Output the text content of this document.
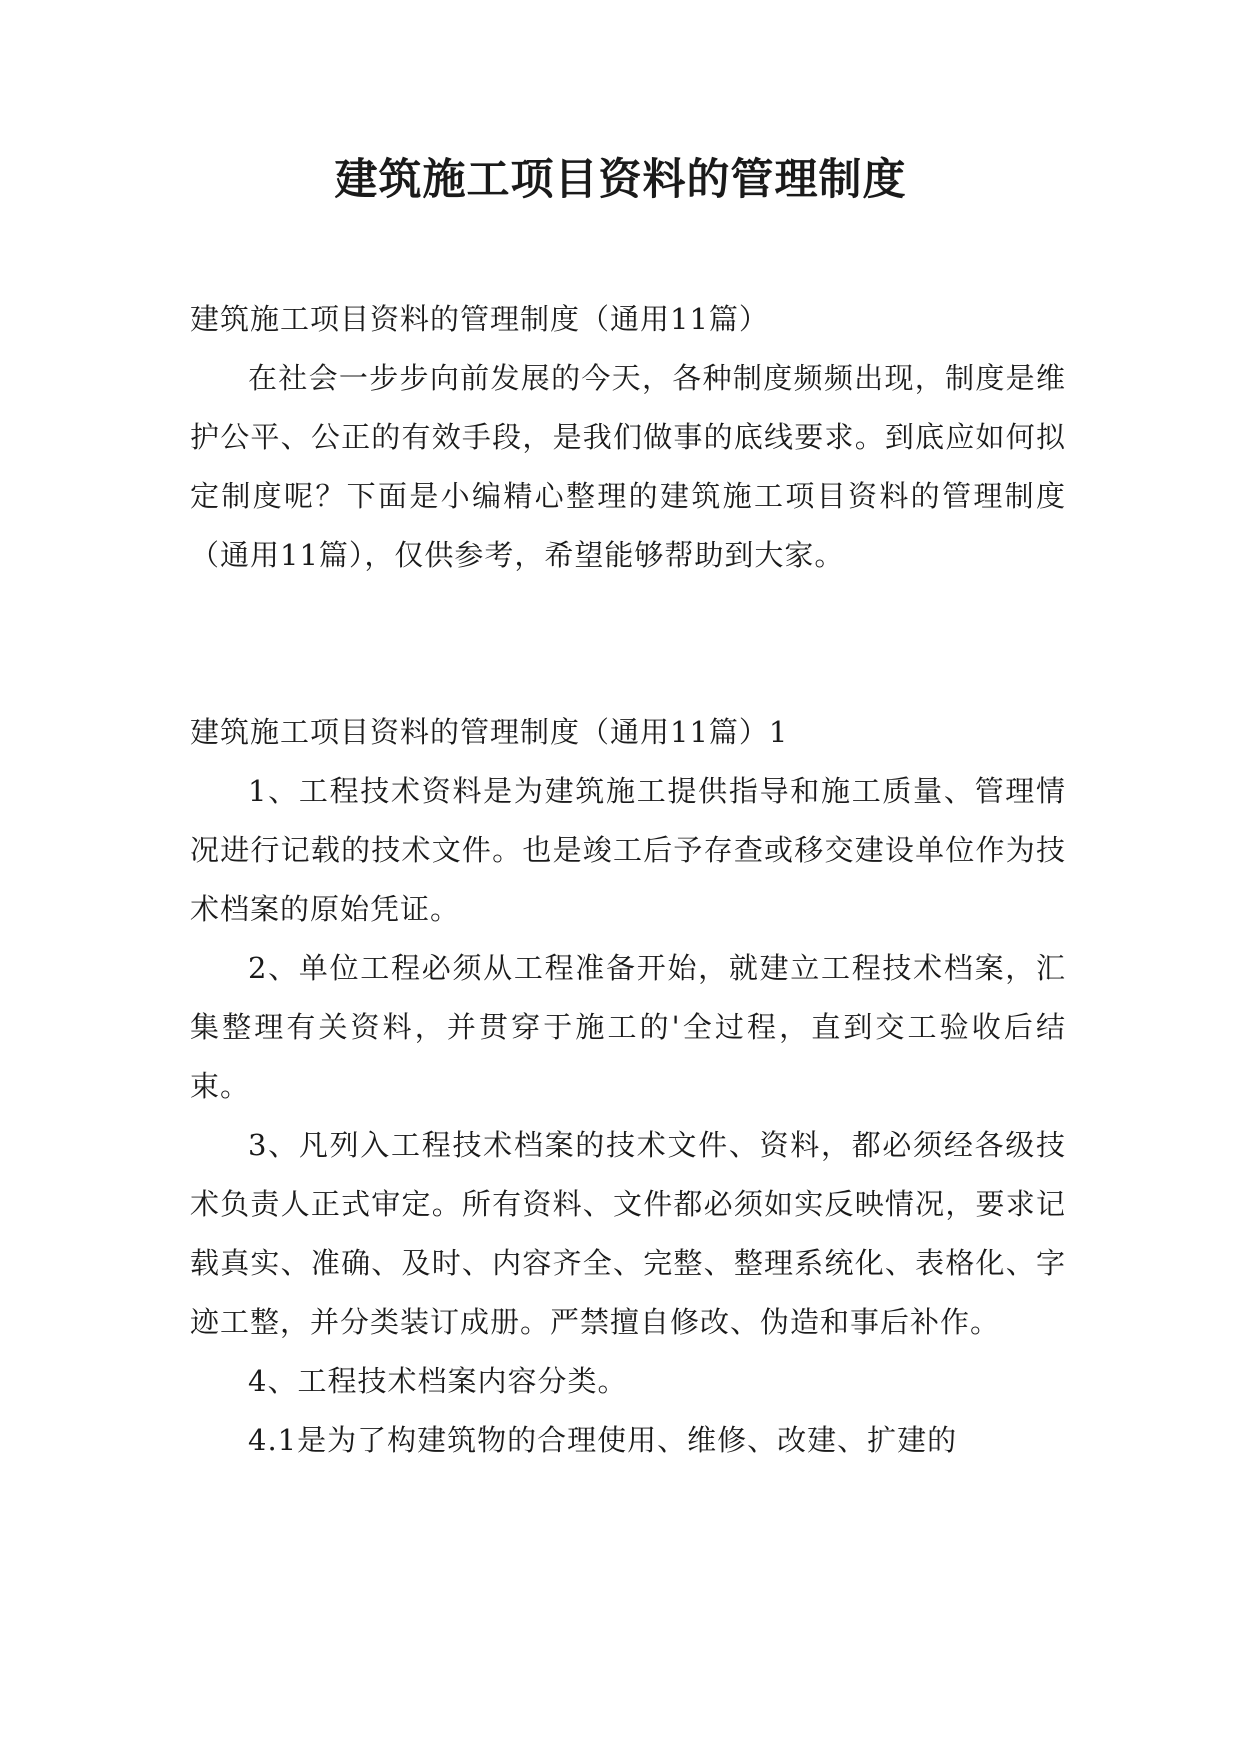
建筑施工项目资料的管理制度

建筑施工项目资料的管理制度（通用11篇）

在社会一步步向前发展的今天，各种制度频频出现，制度是维护公平、公正的有效手段，是我们做事的底线要求。到底应如何拟定制度呢？下面是小编精心整理的建筑施工项目资料的管理制度（通用11篇），仅供参考，希望能够帮助到大家。

建筑施工项目资料的管理制度（通用11篇）1

1、工程技术资料是为建筑施工提供指导和施工质量、管理情况进行记载的技术文件。也是竣工后予存查或移交建设单位作为技术档案的原始凭证。

2、单位工程必须从工程准备开始，就建立工程技术档案，汇集整理有关资料，并贯穿于施工的'全过程，直到交工验收后结束。

3、凡列入工程技术档案的技术文件、资料，都必须经各级技术负责人正式审定。所有资料、文件都必须如实反映情况，要求记载真实、准确、及时、内容齐全、完整、整理系统化、表格化、字迹工整，并分类装订成册。严禁擅自修改、伪造和事后补作。

4、工程技术档案内容分类。

4.1是为了构建筑物的合理使用、维修、改建、扩建的
